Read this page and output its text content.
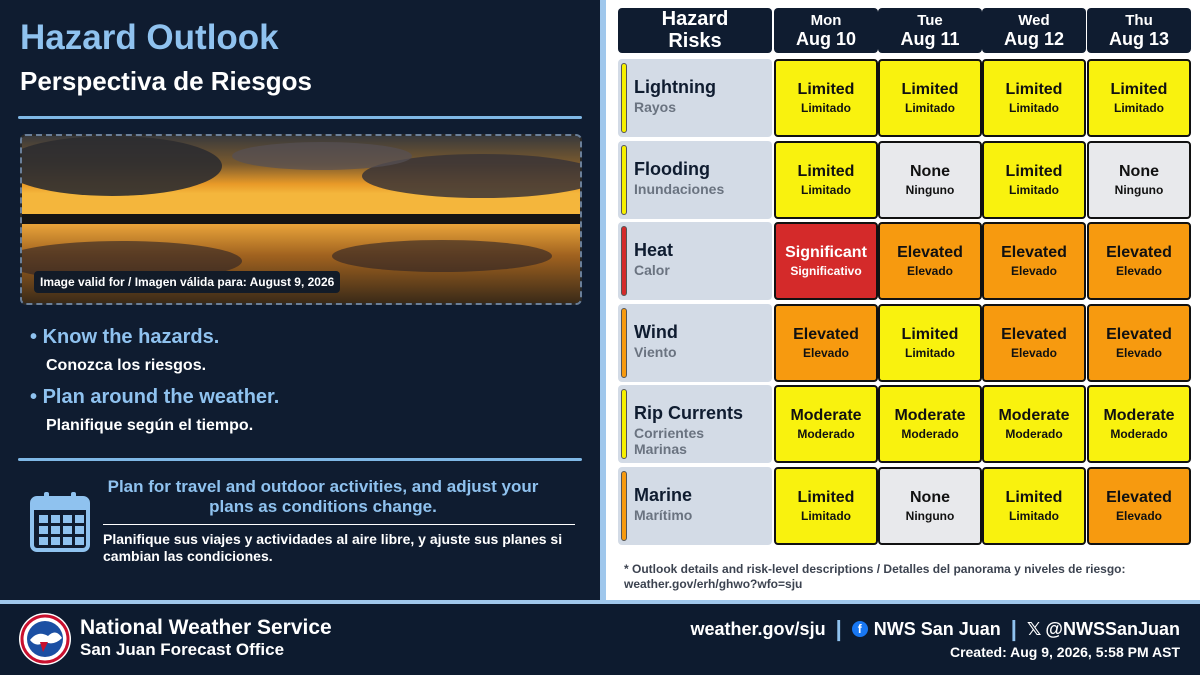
Hazard Outlook
Perspectiva de Riesgos
Image valid for / Imagen válida para: August 9, 2026
• Know the hazards.
Conozca los riesgos.
• Plan around the weather.
Planifique según el tiempo.
Plan for travel and outdoor activities, and adjust your plans as conditions change.
Planifique sus viajes y actividades al aire libre, y ajuste sus planes si cambian las condiciones.
Hazard Risks
Mon
Aug 10
Tue
Aug 11
Wed
Aug 12
Thu
Aug 13
Lightning
Rayos
Limited
Limitado
Limited
Limitado
Limited
Limitado
Limited
Limitado
Flooding
Inundaciones
Limited
Limitado
None
Ninguno
Limited
Limitado
None
Ninguno
Heat
Calor
Significant
Significativo
Elevated
Elevado
Elevated
Elevado
Elevated
Elevado
Wind
Viento
Elevated
Elevado
Limited
Limitado
Elevated
Elevado
Elevated
Elevado
Rip Currents
Corrientes Marinas
Moderate
Moderado
Moderate
Moderado
Moderate
Moderado
Moderate
Moderado
Marine
Marítimo
Limited
Limitado
None
Ninguno
Limited
Limitado
Elevated
Elevado
* Outlook details and risk-level descriptions / Detalles del panorama y niveles de riesgo: weather.gov/erh/ghwo?wfo=sju
National Weather Service
San Juan Forecast Office
weather.gov/sju |	f NWS San Juan | 𝕏 @NWSSanJuan
Created: Aug 9, 2026, 5:58 PM AST
